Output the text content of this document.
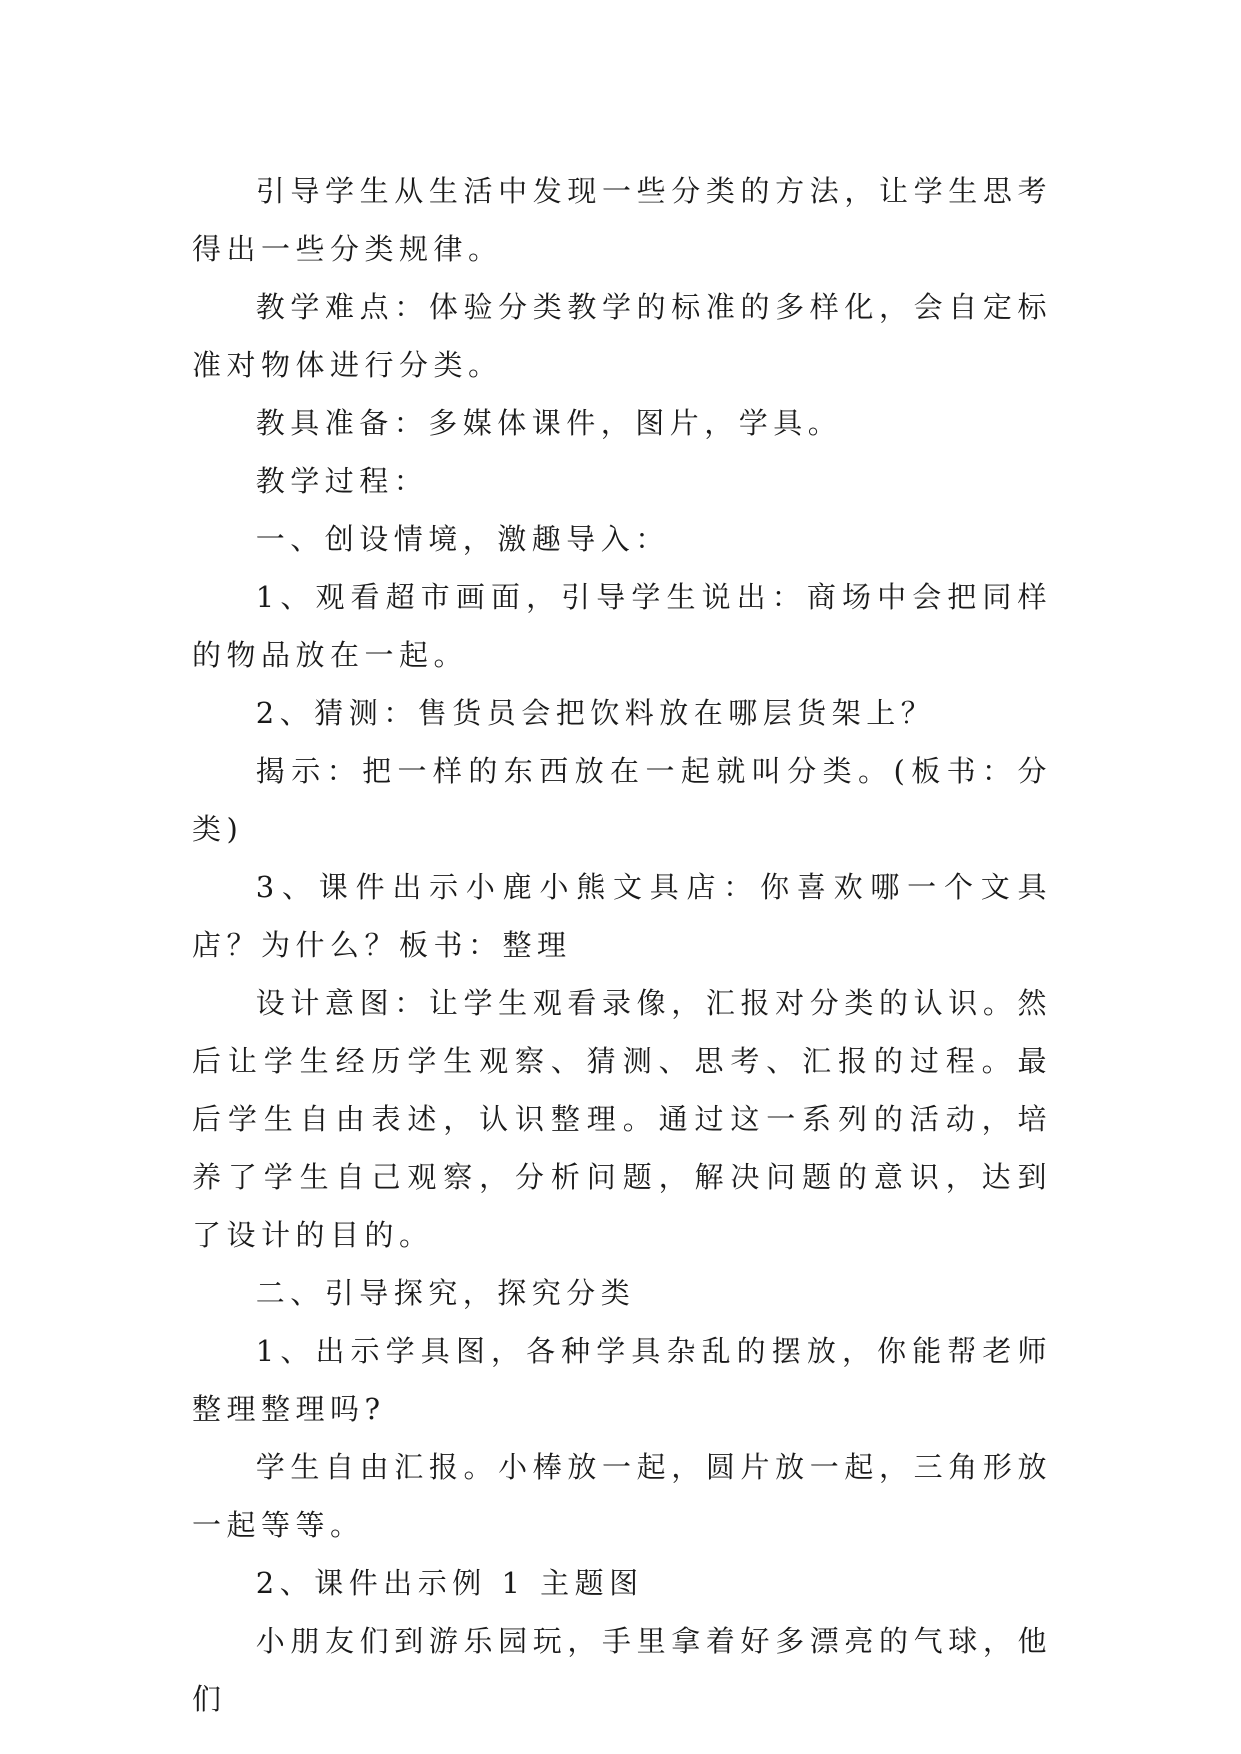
引导学生从生活中发现一些分类的方法，让学生思考得出一些分类规律。

教学难点：体验分类教学的标准的多样化，会自定标准对物体进行分类。

教具准备：多媒体课件，图片，学具。

教学过程：

一、创设情境，激趣导入：

1、观看超市画面，引导学生说出：商场中会把同样的物品放在一起。

2、猜测：售货员会把饮料放在哪层货架上？

揭示：把一样的东西放在一起就叫分类。(板书：分类)

3、课件出示小鹿小熊文具店：你喜欢哪一个文具店？为什么？板书：整理

设计意图：让学生观看录像，汇报对分类的认识。然后让学生经历学生观察、猜测、思考、汇报的过程。最后学生自由表述，认识整理。通过这一系列的活动，培养了学生自己观察，分析问题，解决问题的意识，达到了设计的目的。

二、引导探究，探究分类

1、出示学具图，各种学具杂乱的摆放，你能帮老师整理整理吗?

学生自由汇报。小棒放一起，圆片放一起，三角形放一起等等。

2、课件出示例 1 主题图

小朋友们到游乐园玩，手里拿着好多漂亮的气球，他们
